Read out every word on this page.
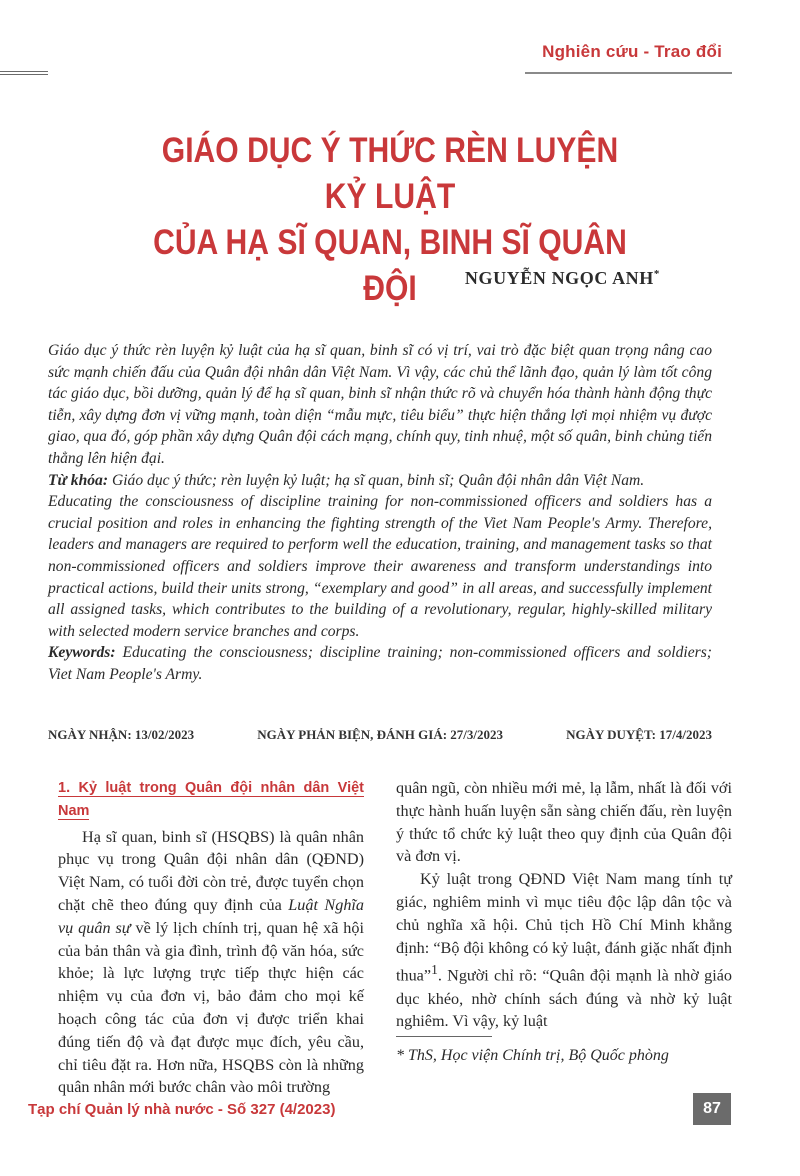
Nghiên cứu - Trao đổi
GIÁO DỤC Ý THỨC RÈN LUYỆN KỶ LUẬT
CỦA HẠ SĨ QUAN, BINH SĨ QUÂN ĐỘI	NGUYỄN NGỌC ANH*

Giáo dục ý thức rèn luyện kỷ luật của hạ sĩ quan, binh sĩ có vị trí, vai trò đặc biệt quan trọng nâng cao sức mạnh chiến đấu của Quân đội nhân dân Việt Nam. Vì vậy, các chủ thể lãnh đạo, quản lý làm tốt công tác giáo dục, bồi dưỡng, quản lý để hạ sĩ quan, binh sĩ nhận thức rõ và chuyển hóa thành hành động thực tiễn, xây dựng đơn vị vững mạnh, toàn diện “mẫu mực, tiêu biểu” thực hiện thắng lợi mọi nhiệm vụ được giao, qua đó, góp phần xây dựng Quân đội cách mạng, chính quy, tinh nhuệ, một số quân, binh chủng tiến thẳng lên hiện đại.

Từ khóa: Giáo dục ý thức; rèn luyện kỷ luật; hạ sĩ quan, binh sĩ; Quân đội nhân dân Việt Nam.

Educating the consciousness of discipline training for non-commissioned officers and soldiers has a crucial position and roles in enhancing the fighting strength of the Viet Nam People's Army. Therefore, leaders and managers are required to perform well the education, training, and management tasks so that non-commissioned officers and soldiers improve their awareness and transform understandings into practical actions, build their units strong, “exemplary and good” in all areas, and successfully implement all assigned tasks, which contributes to the building of a revolutionary, regular, highly-skilled military with selected modern service branches and corps.

Keywords: Educating the consciousness; discipline training; non-commissioned officers and soldiers; Viet Nam People's Army.

NGÀY NHẬN: 13/02/2023	NGÀY PHẢN BIỆN, ĐÁNH GIÁ: 27/3/2023	NGÀY DUYỆT: 17/4/2023
1. Kỷ luật trong Quân đội nhân dân Việt Nam

Hạ sĩ quan, binh sĩ (HSQBS) là quân nhân phục vụ trong Quân đội nhân dân (QĐND) Việt Nam, có tuổi đời còn trẻ, được tuyển chọn chặt chẽ theo đúng quy định của Luật Nghĩa vụ quân sự về lý lịch chính trị, quan hệ xã hội của bản thân và gia đình, trình độ văn hóa, sức khỏe; là lực lượng trực tiếp thực hiện các nhiệm vụ của đơn vị, bảo đảm cho mọi kế hoạch công tác của đơn vị được triển khai đúng tiến độ và đạt được mục đích, yêu cầu, chỉ tiêu đặt ra. Hơn nữa, HSQBS còn là những quân nhân mới bước chân vào môi trường

quân ngũ, còn nhiều mới mẻ, lạ lẫm, nhất là đối với thực hành huấn luyện sẵn sàng chiến đấu, rèn luyện ý thức tổ chức kỷ luật theo quy định của Quân đội và đơn vị.

Kỷ luật trong QĐND Việt Nam mang tính tự giác, nghiêm minh vì mục tiêu độc lập dân tộc và chủ nghĩa xã hội. Chủ tịch Hồ Chí Minh khẳng định: “Bộ đội không có kỷ luật, đánh giặc nhất định thua”$^1$. Người chỉ rõ: “Quân đội mạnh là nhờ giáo dục khéo, nhờ chính sách đúng và nhờ kỷ luật nghiêm. Vì vậy, kỷ luật

* ThS, Học viện Chính trị, Bộ Quốc phòng
Tạp chí Quản lý nhà nước - Số 327 (4/2023)	87
